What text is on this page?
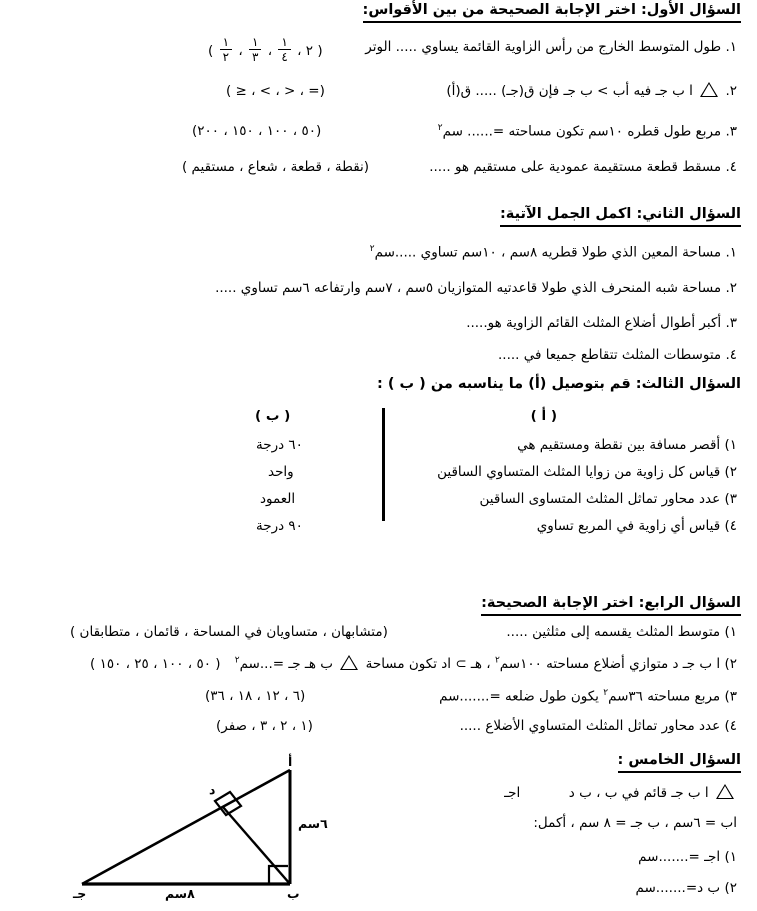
السؤال الأول: اختر الإجابة الصحيحة من بين الأقواس:
١. طول المتوسط الخارج من رأس الزاوية القائمة يساوي ..... الوتر
( $\frac{١}{٢}$ ، $\frac{١}{٣}$ ، $\frac{١}{٤}$ ، ٢ )
٢.  ا ب جـ فيه أب > ب جـ فإن ق(جـ) ..... ق(أ)
(= ، < ، > ، ≤ )
٣. مربع طول قطره ١٠سم تكون مساحته =...... سم$^٢$
(٥٠ ، ١٠٠ ، ١٥٠ ، ٢٠٠)
٤. مسقط قطعة مستقيمة عمودية على مستقيم هو .....
(نقطة ، قطعة ، شعاع ، مستقيم )
السؤال الثاني: اكمل الجمل الآتية:
١. مساحة المعين الذي طولا قطريه ٨سم ، ١٠سم تساوي .....سم$^٢$
٢. مساحة شبه المنحرف الذي طولا قاعدتيه المتوازيان ٥سم ، ٧سم وارتفاعه ٦سم تساوي .....
٣. أكبر أطوال أضلاع المثلث القائم الزاوية هو.....
٤. متوسطات المثلث تتقاطع جميعا في .....
السؤال الثالث: قم بتوصيل (أ) ما يناسبه من ( ب ) :
( أ )
( ب )
١) أقصر مسافة بين نقطة ومستقيم هي
٢) قياس كل زاوية من زوايا المثلث المتساوي الساقين
٣) عدد محاور تماثل المثلث المتساوى الساقين
٤) قياس أي زاوية في المربع تساوي
٦٠ درجة
واحد
العمود
٩٠ درجة
السؤال الرابع: اختر الإجابة الصحيحة:
١) متوسط المثلث يقسمه إلى مثلثين .....
(متشابهان ، متساويان في المساحة ، قائمان ، متطابقان )
٢) ا ب جـ د متوازي أضلاع مساحته ١٠٠سم$^٢$ ، هـ ⊃ اد تكون مساحة  ب هـ جـ =...سم$^٢$
( ٥٠ ، ١٠٠ ، ٢٥ ، ١٥٠ )
٣) مربع مساحته ٣٦سم$^٢$ يكون طول ضلعه =.......سم
(٦ ، ١٢ ، ١٨ ، ٣٦)
٤) عدد محاور تماثل المثلث المتساوي الأضلاع .....
(١ ، ٢ ، ٣ ، صفر)
السؤال الخامس :
ا ب جـ قائم في ب ، ب د  اجـ
اب = ٦سم ، ب جـ = ٨ سم ، أكمل:
١) اجـ =.......سم
٢) ب د=.......سم
أ
ب
جـ
د
٦سم
٨سم
